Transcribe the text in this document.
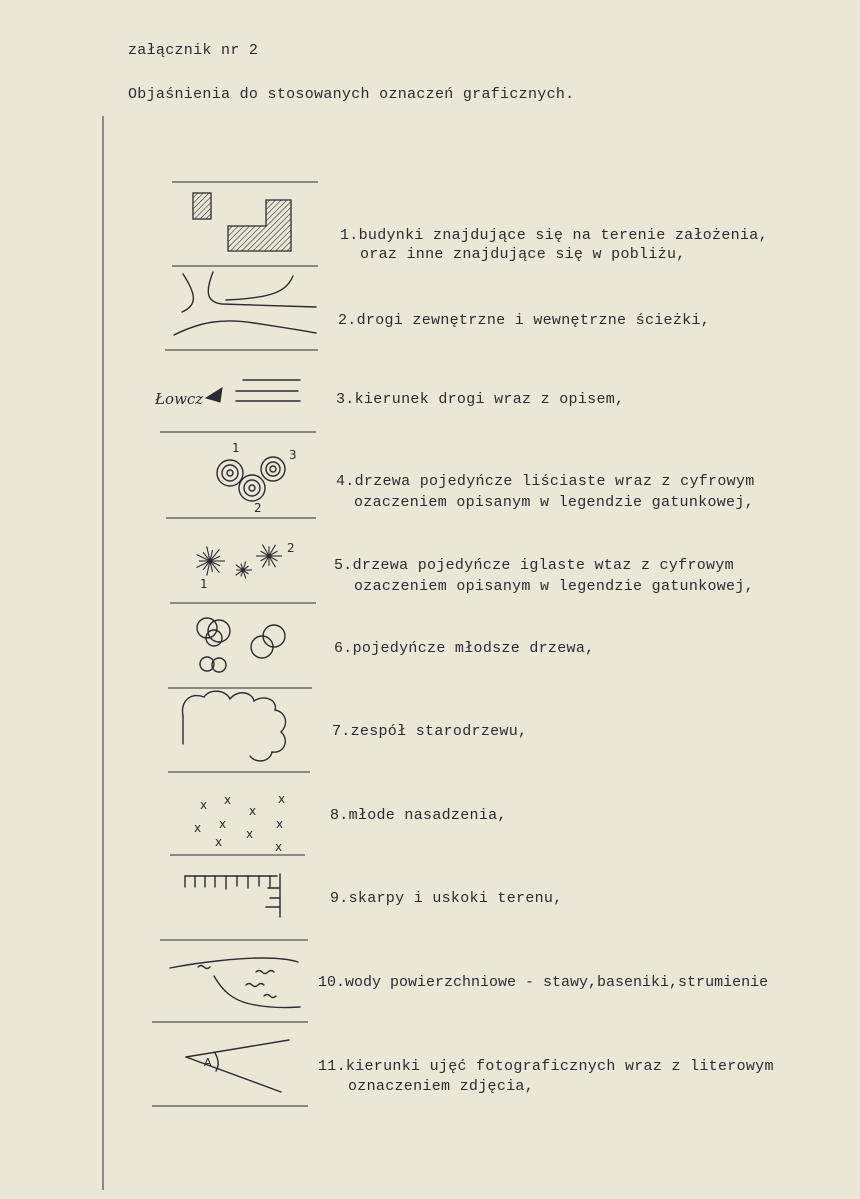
załącznik nr 2
Objaśnienia do stosowanych oznaczeń graficznych.
Łowcz
1
2
3
1
2
x x	x
x
x x	x
x
x	x
A
1.budynki znajdujące się na terenie założenia,
oraz inne znajdujące się w pobliżu,
2.drogi zewnętrzne i wewnętrzne ścieżki,
3.kierunek drogi wraz z opisem,
4.drzewa pojedyńcze liściaste wraz z cyfrowym
ozaczeniem opisanym w legendzie gatunkowej,
5.drzewa pojedyńcze iglaste wtaz z cyfrowym
ozaczeniem opisanym w legendzie gatunkowej,
6.pojedyńcze młodsze drzewa,
7.zespół starodrzewu,
8.młode nasadzenia,
9.skarpy i uskoki terenu,
10.wody powierzchniowe - stawy,baseniki,strumienie
11.kierunki ujęć fotograficznych wraz z literowym
oznaczeniem zdjęcia,
